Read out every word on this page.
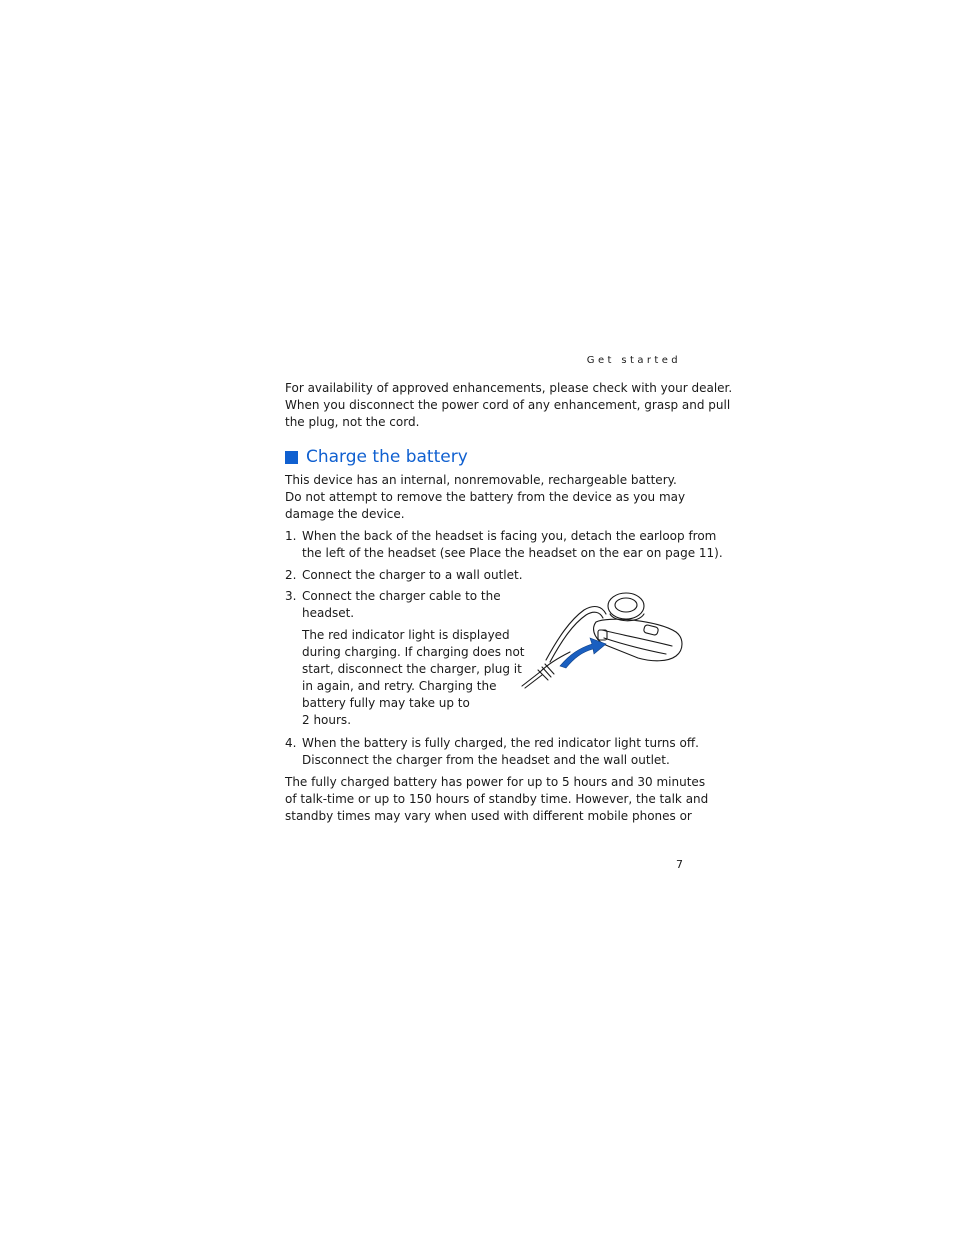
Get started

For availability of approved enhancements, please check with your dealer.
When you disconnect the power cord of any enhancement, grasp and pull
the plug, not the cord.

Charge the battery

This device has an internal, nonremovable, rechargeable battery.
Do not attempt to remove the battery from the device as you may
damage the device.

1. When the back of the headset is facing you, detach the earloop from
the left of the headset (see Place the headset on the ear on page 11).
2. Connect the charger to a wall outlet.
3. Connect the charger cable to the
headset.
The red indicator light is displayed
during charging. If charging does not
start, disconnect the charger, plug it
in again, and retry. Charging the
battery fully may take up to
2 hours.
4. When the battery is fully charged, the red indicator light turns off.
Disconnect the charger from the headset and the wall outlet.

The fully charged battery has power for up to 5 hours and 30 minutes
of talk-time or up to 150 hours of standby time. However, the talk and
standby times may vary when used with different mobile phones or

7
